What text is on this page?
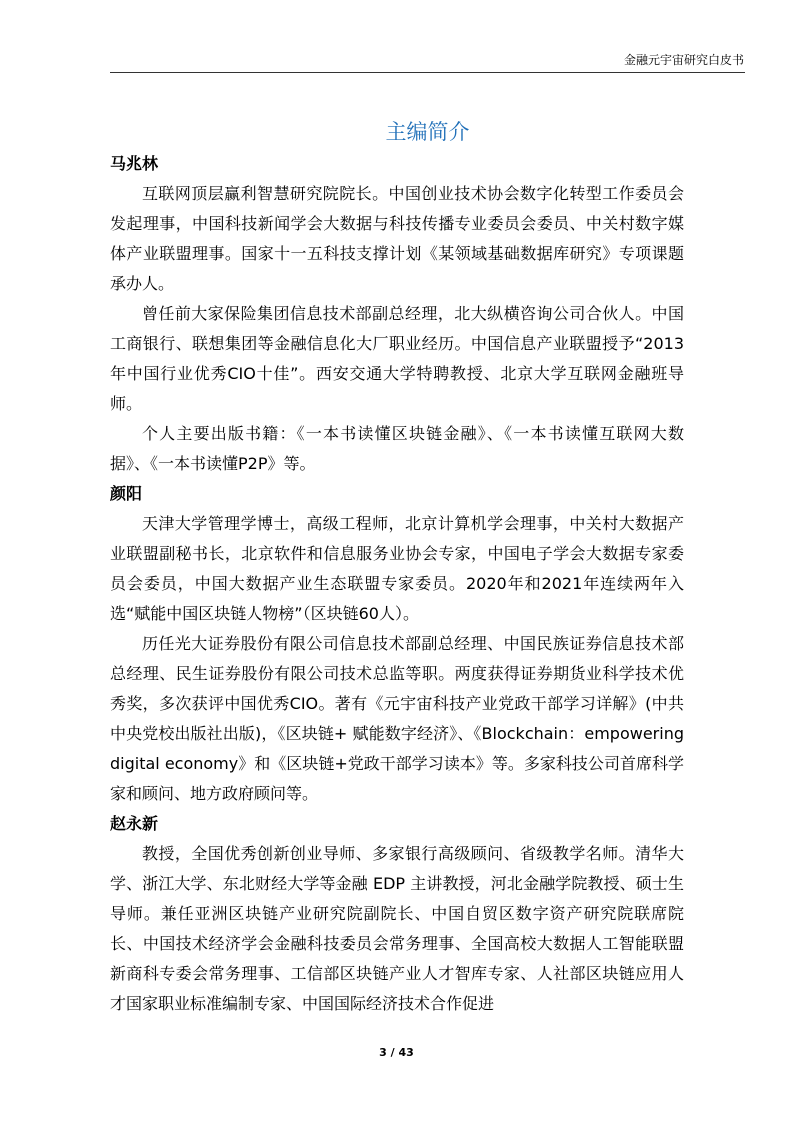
金融元宇宙研究白皮书
主编简介

马兆林

互联网顶层赢利智慧研究院院长。中国创业技术协会数字化转型工作委员会发起理事，中国科技新闻学会大数据与科技传播专业委员会委员、中关村数字媒体产业联盟理事。国家十一五科技支撑计划《某领域基础数据库研究》专项课题承办人。

曾任前大家保险集团信息技术部副总经理，北大纵横咨询公司合伙人。中国工商银行、联想集团等金融信息化大厂职业经历。中国信息产业联盟授予“2013年中国行业优秀CIO十佳”。西安交通大学特聘教授、北京大学互联网金融班导师。

个人主要出版书籍：《一本书读懂区块链金融》、《一本书读懂互联网大数据》、《一本书读懂P2P》等。

颜阳

天津大学管理学博士，高级工程师，北京计算机学会理事，中关村大数据产业联盟副秘书长，北京软件和信息服务业协会专家，中国电子学会大数据专家委员会委员，中国大数据产业生态联盟专家委员。2020年和2021年连续两年入选“赋能中国区块链人物榜”（区块链60人）。

历任光大证券股份有限公司信息技术部副总经理、中国民族证券信息技术部总经理、民生证券股份有限公司技术总监等职。两度获得证券期货业科学技术优秀奖，多次获评中国优秀CIO。著有《元宇宙科技产业党政干部学习详解》(中共中央党校出版社出版)，《区块链+ 赋能数字经济》、《Blockchain：empowering digital economy》和《区块链+党政干部学习读本》等。多家科技公司首席科学家和顾问、地方政府顾问等。

赵永新

教授，全国优秀创新创业导师、多家银行高级顾问、省级教学名师。清华大学、浙江大学、东北财经大学等金融 EDP 主讲教授，河北金融学院教授、硕士生导师。兼任亚洲区块链产业研究院副院长、中国自贸区数字资产研究院联席院长、中国技术经济学会金融科技委员会常务理事、全国高校大数据人工智能联盟新商科专委会常务理事、工信部区块链产业人才智库专家、人社部区块链应用人才国家职业标准编制专家、中国国际经济技术合作促进

3 / 43
